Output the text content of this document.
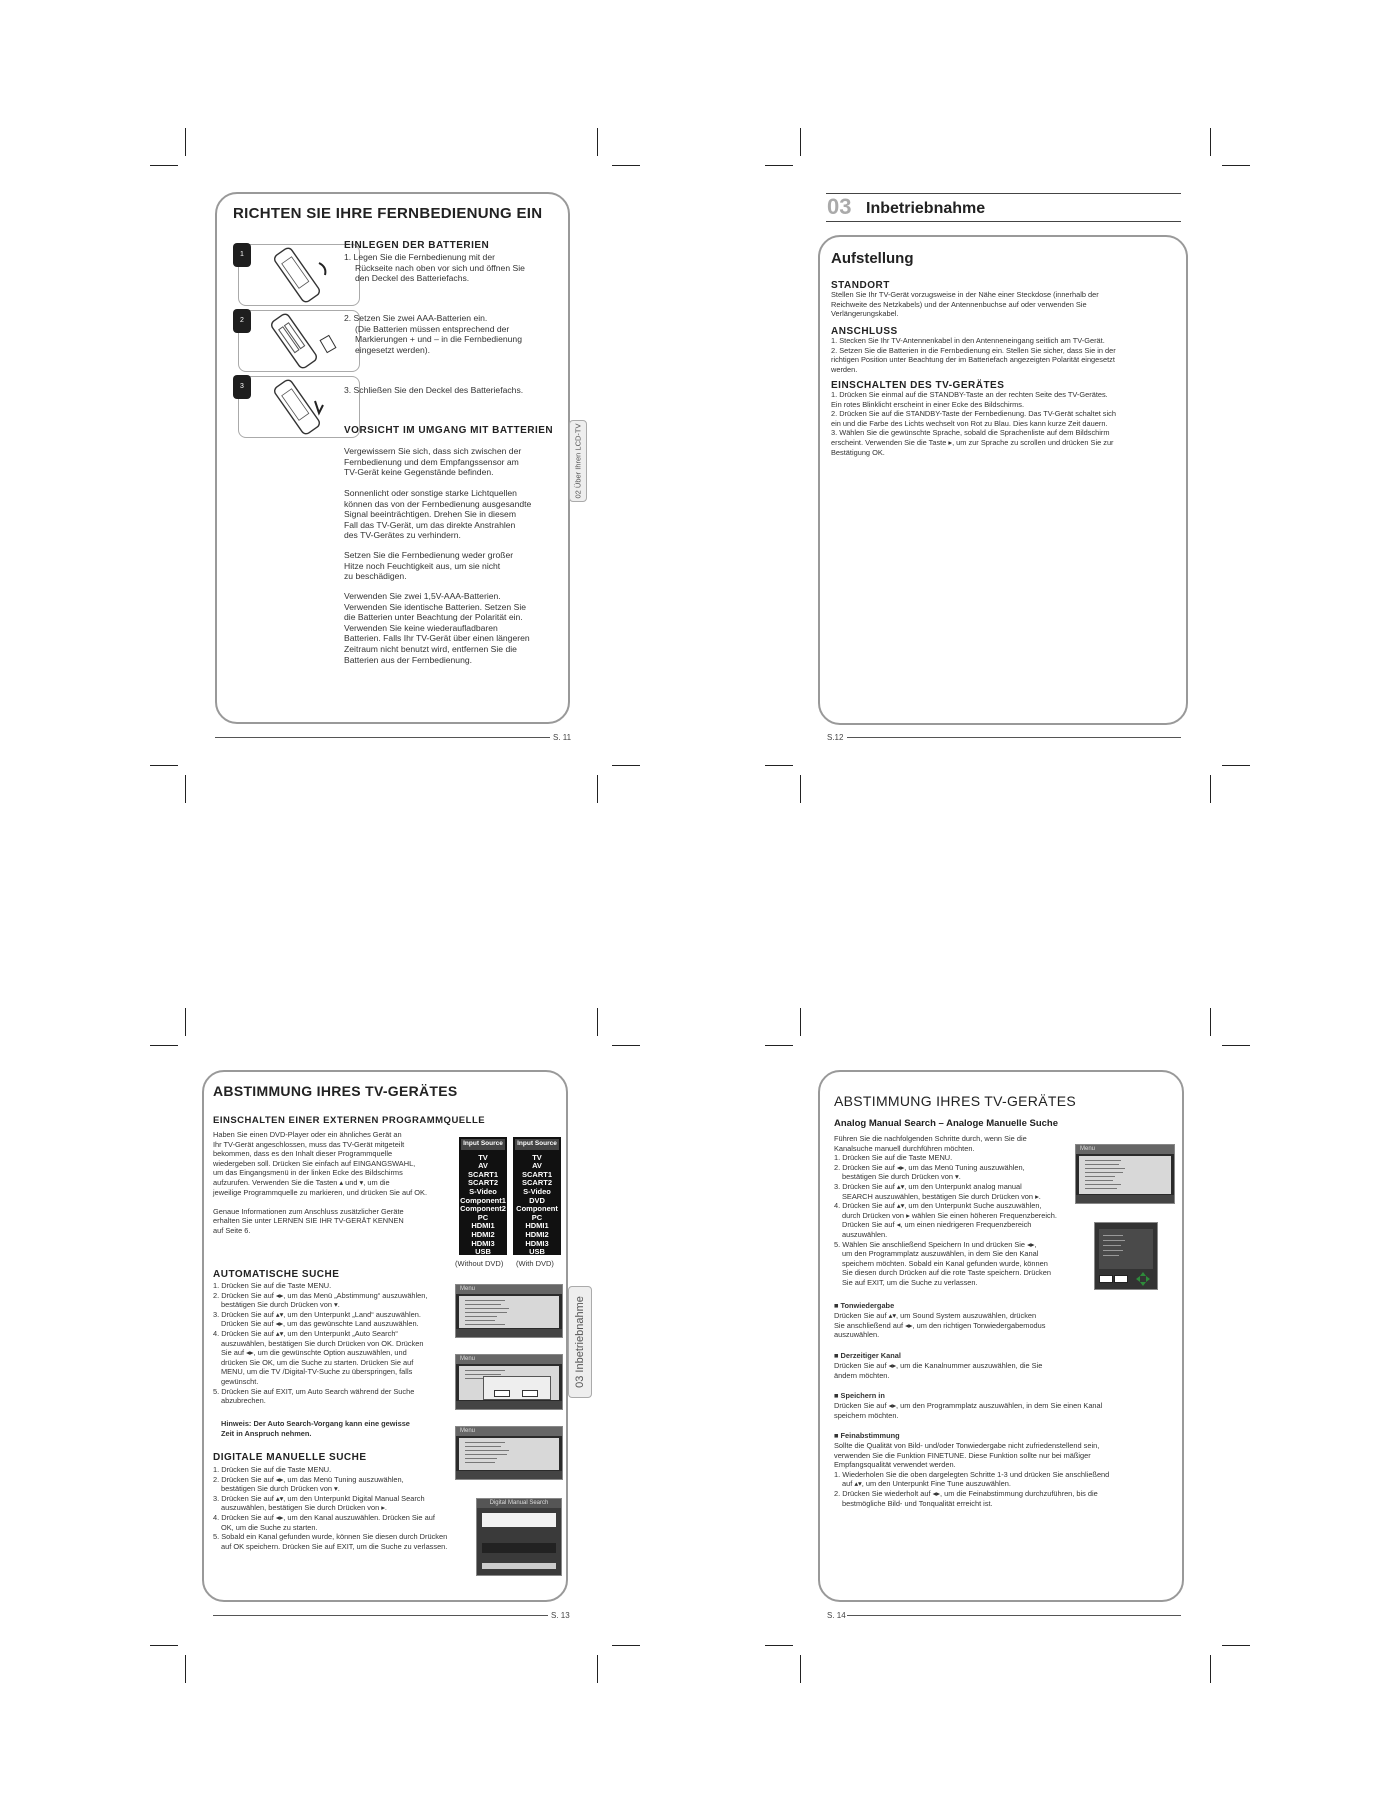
RICHTEN SIE IHRE FERNBEDIENUNG EIN
1
2
3
EINLEGEN DER BATTERIEN
1. Legen Sie die Fernbedienung mit der
Rückseite nach oben vor sich und öffnen Sie
den Deckel des Batteriefachs.
2. Setzen Sie zwei AAA-Batterien ein.
(Die Batterien müssen entsprechend der
Markierungen + und – in die Fernbedienung
eingesetzt werden).
3. Schließen Sie den Deckel des Batteriefachs.
VORSICHT IM UMGANG MIT BATTERIEN
Vergewissern Sie sich, dass sich zwischen der
Fernbedienung und dem Empfangssensor am
TV-Gerät keine Gegenstände befinden.
Sonnenlicht oder sonstige starke Lichtquellen
können das von der Fernbedienung ausgesandte
Signal beeinträchtigen. Drehen Sie in diesem
Fall das TV-Gerät, um das direkte Anstrahlen
des TV-Gerätes zu verhindern.
Setzen Sie die Fernbedienung weder großer
Hitze noch Feuchtigkeit aus, um sie nicht
zu beschädigen.
Verwenden Sie zwei 1,5V-AAA-Batterien.
Verwenden Sie identische Batterien. Setzen Sie
die Batterien unter Beachtung der Polarität ein.
Verwenden Sie keine wiederaufladbaren
Batterien. Falls Ihr TV-Gerät über einen längeren
Zeitraum nicht benutzt wird, entfernen Sie die
Batterien aus der Fernbedienung.
02 Über Ihren LCD-TV
S. 11
03 Inbetriebnahme
Aufstellung
STANDORT
Stellen Sie Ihr TV-Gerät vorzugsweise in der Nähe einer Steckdose (innerhalb der
Reichweite des Netzkabels) und der Antennenbuchse auf oder verwenden Sie
Verlängerungskabel.
ANSCHLUSS
1. Stecken Sie Ihr TV-Antennenkabel in den Antenneneingang seitlich am TV-Gerät.
2. Setzen Sie die Batterien in die Fernbedienung ein. Stellen Sie sicher, dass Sie in der
richtigen Position unter Beachtung der im Batteriefach angezeigten Polarität eingesetzt
werden.
EINSCHALTEN DES TV-GERÄTES
1. Drücken Sie einmal auf die STANDBY-Taste an der rechten Seite des TV-Gerätes.
Ein rotes Blinklicht erscheint in einer Ecke des Bildschirms.
2. Drücken Sie auf die STANDBY-Taste der Fernbedienung. Das TV-Gerät schaltet sich
ein und die Farbe des Lichts wechselt von Rot zu Blau. Dies kann kurze Zeit dauern.
3. Wählen Sie die gewünschte Sprache, sobald die Sprachenliste auf dem Bildschirm
erscheint. Verwenden Sie die Taste ▸, um zur Sprache zu scrollen und drücken Sie zur
Bestätigung OK.
S.12
ABSTIMMUNG IHRES TV-GERÄTES
EINSCHALTEN EINER EXTERNEN PROGRAMMQUELLE
Haben Sie einen DVD-Player oder ein ähnliches Gerät an
Ihr TV-Gerät angeschlossen, muss das TV-Gerät mitgeteilt
bekommen, dass es den Inhalt dieser Programmquelle
wiedergeben soll. Drücken Sie einfach auf EINGANGSWAHL,
um das Eingangsmenü in der linken Ecke des Bildschirms
aufzurufen. Verwenden Sie die Tasten ▴ und ▾, um die
jeweilige Programmquelle zu markieren, und drücken Sie auf OK.
Genaue Informationen zum Anschluss zusätzlicher Geräte
erhalten Sie unter LERNEN SIE IHR TV-GERÄT KENNEN
auf Seite 6.
Input Source
TV
AV
SCART1
SCART2
S-Video
Component1
Component2
PC
HDMI1
HDMI2
HDMI3
USB
Input Source
TV
AV
SCART1
SCART2
S-Video
DVD
Component
PC
HDMI1
HDMI2
HDMI3
USB
(Without DVD) (With DVD)
AUTOMATISCHE SUCHE
1. Drücken Sie auf die Taste MENU.
2. Drücken Sie auf ◂▸, um das Menü „Abstimmung“ auszuwählen,
bestätigen Sie durch Drücken von ▾.
3. Drücken Sie auf ▴▾, um den Unterpunkt „Land“ auszuwählen.
Drücken Sie auf ◂▸, um das gewünschte Land auszuwählen.
4. Drücken Sie auf ▴▾, um den Unterpunkt „Auto Search“
auszuwählen, bestätigen Sie durch Drücken von OK. Drücken
Sie auf ◂▸, um die gewünschte Option auszuwählen, und
drücken Sie OK, um die Suche zu starten. Drücken Sie auf
MENU, um die TV /Digital-TV-Suche zu überspringen, falls
gewünscht.
5. Drücken Sie auf EXIT, um Auto Search während der Suche
abzubrechen.
Hinweis: Der Auto Search-Vorgang kann eine gewisse
Zeit in Anspruch nehmen.
DIGITALE MANUELLE SUCHE
1. Drücken Sie auf die Taste MENU.
2. Drücken Sie auf ◂▸, um das Menü Tuning auszuwählen,
bestätigen Sie durch Drücken von ▾.
3. Drücken Sie auf ▴▾, um den Unterpunkt Digital Manual Search
auszuwählen, bestätigen Sie durch Drücken von ▸.
4. Drücken Sie auf ◂▸, um den Kanal auszuwählen. Drücken Sie auf
OK, um die Suche zu starten.
5. Sobald ein Kanal gefunden wurde, können Sie diesen durch Drücken
auf OK speichern. Drücken Sie auf EXIT, um die Suche zu verlassen.
Menu
Menu
Menu
Digital Manual Search
03 Inbetriebnahme
S. 13
ABSTIMMUNG IHRES TV-GERÄTES
Analog Manual Search – Analoge Manuelle Suche
Führen Sie die nachfolgenden Schritte durch, wenn Sie die
Kanalsuche manuell durchführen möchten.
1. Drücken Sie auf die Taste MENU.
2. Drücken Sie auf ◂▸, um das Menü Tuning auszuwählen,
bestätigen Sie durch Drücken von ▾.
3. Drücken Sie auf ▴▾, um den Unterpunkt analog manual
SEARCH auszuwählen, bestätigen Sie durch Drücken von ▸.
4. Drücken Sie auf ▴▾, um den Unterpunkt Suche auszuwählen,
durch Drücken von ▸ wählen Sie einen höheren Frequenzbereich.
Drücken Sie auf ◂, um einen niedrigeren Frequenzbereich
auszuwählen.
5. Wählen Sie anschließend Speichern In und drücken Sie ◂▸,
um den Programmplatz auszuwählen, in dem Sie den Kanal
speichern möchten. Sobald ein Kanal gefunden wurde, können
Sie diesen durch Drücken auf die rote Taste speichern. Drücken
Sie auf EXIT, um die Suche zu verlassen.
Menu
■ Tonwiedergabe
Drücken Sie auf ▴▾, um Sound System auszuwählen, drücken
Sie anschließend auf ◂▸, um den richtigen Tonwiedergabemodus
auszuwählen.
■ Derzeitiger Kanal
Drücken Sie auf ◂▸, um die Kanalnummer auszuwählen, die Sie
ändern möchten.
■ Speichern in
Drücken Sie auf ◂▸, um den Programmplatz auszuwählen, in dem Sie einen Kanal
speichern möchten.
■ Feinabstimmung
Sollte die Qualität von Bild- und/oder Tonwiedergabe nicht zufriedenstellend sein,
verwenden Sie die Funktion FINETUNE. Diese Funktion sollte nur bei mäßiger
Empfangsqualität verwendet werden.
1. Wiederholen Sie die oben dargelegten Schritte 1-3 und drücken Sie anschließend
auf ▴▾, um den Unterpunkt Fine Tune auszuwählen.
2. Drücken Sie wiederholt auf ◂▸, um die Feinabstimmung durchzuführen, bis die
bestmögliche Bild- und Tonqualität erreicht ist.
S. 14
